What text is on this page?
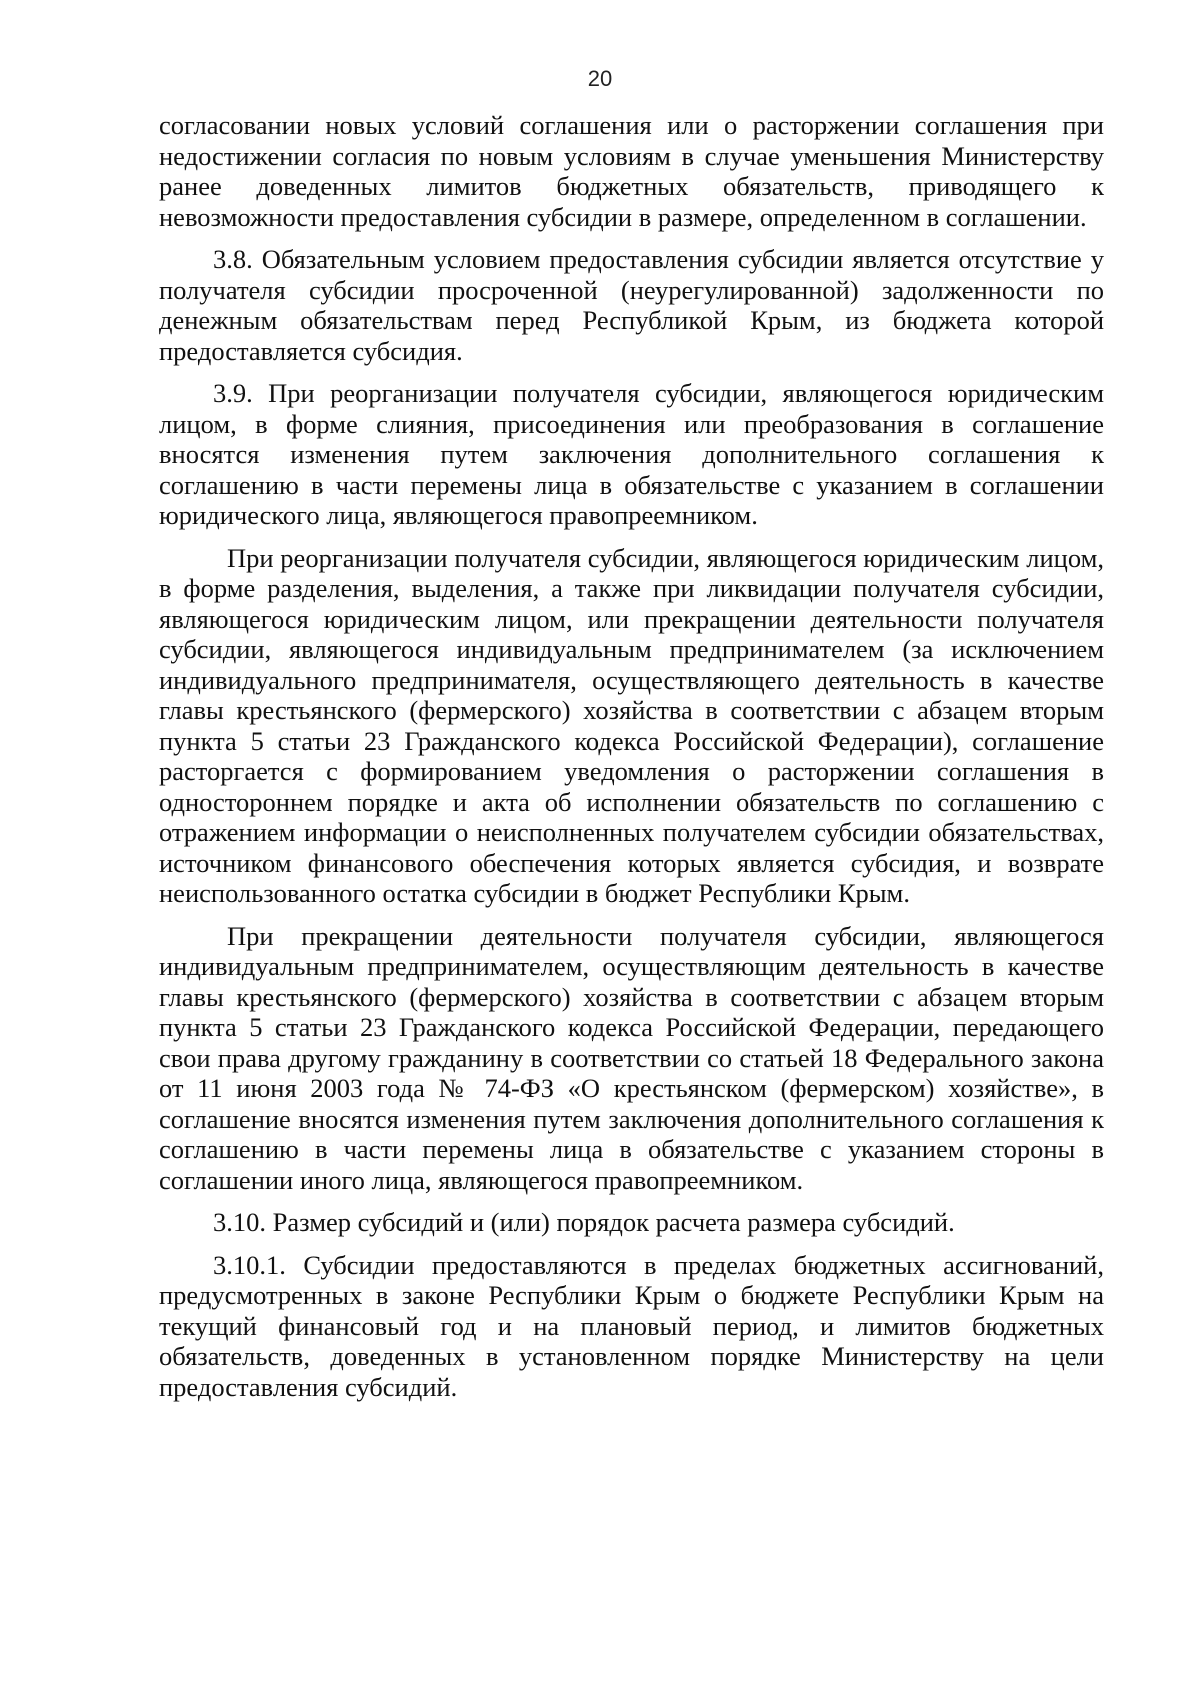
20

согласовании новых условий соглашения или о расторжении соглашения при недостижении согласия по новым условиям в случае уменьшения Министерству ранее доведенных лимитов бюджетных обязательств, приводящего к невозможности предоставления субсидии в размере, определенном в соглашении.

3.8. Обязательным условием предоставления субсидии является отсутствие у получателя субсидии просроченной (неурегулированной) задолженности по денежным обязательствам перед Республикой Крым, из бюджета которой предоставляется субсидия.

3.9. При реорганизации получателя субсидии, являющегося юридическим лицом, в форме слияния, присоединения или преобразования в соглашение вносятся изменения путем заключения дополнительного соглашения к соглашению в части перемены лица в обязательстве с указанием в соглашении юридического лица, являющегося правопреемником.

При реорганизации получателя субсидии, являющегося юридическим лицом, в форме разделения, выделения, а также при ликвидации получателя субсидии, являющегося юридическим лицом, или прекращении деятельности получателя субсидии, являющегося индивидуальным предпринимателем (за исключением индивидуального предпринимателя, осуществляющего деятельность в качестве главы крестьянского (фермерского) хозяйства в соответствии с абзацем вторым пункта 5 статьи 23 Гражданского кодекса Российской Федерации), соглашение расторгается с формированием уведомления о расторжении соглашения в одностороннем порядке и акта об исполнении обязательств по соглашению с отражением информации о неисполненных получателем субсидии обязательствах, источником финансового обеспечения которых является субсидия, и возврате неиспользованного остатка субсидии в бюджет Республики Крым.

При прекращении деятельности получателя субсидии, являющегося индивидуальным предпринимателем, осуществляющим деятельность в качестве главы крестьянского (фермерского) хозяйства в соответствии с абзацем вторым пункта 5 статьи 23 Гражданского кодекса Российской Федерации, передающего свои права другому гражданину в соответствии со статьей 18 Федерального закона от 11 июня 2003 года № 74-ФЗ «О крестьянском (фермерском) хозяйстве», в соглашение вносятся изменения путем заключения дополнительного соглашения к соглашению в части перемены лица в обязательстве с указанием стороны в соглашении иного лица, являющегося правопреемником.

3.10. Размер субсидий и (или) порядок расчета размера субсидий.

3.10.1. Субсидии предоставляются в пределах бюджетных ассигнований, предусмотренных в законе Республики Крым о бюджете Республики Крым на текущий финансовый год и на плановый период, и лимитов бюджетных обязательств, доведенных в установленном порядке Министерству на цели предоставления субсидий.
